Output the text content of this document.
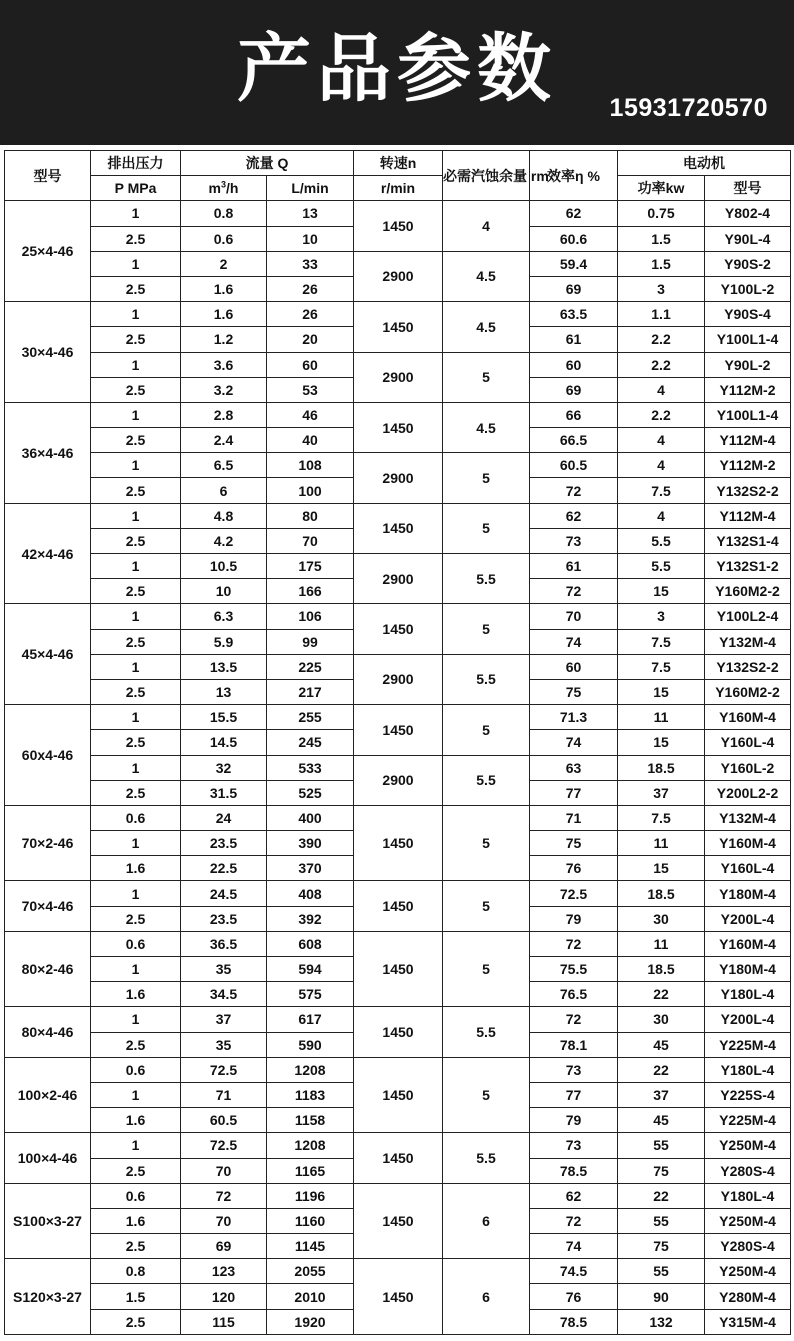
产品参数	15931720570
型号	排出压力	流量 Q		转速n	必需汽蚀余量 rm	效率η %	电动机	
	P MPa	$m^3/h$	L/min	r/min			功率kw	型号
25×4-46	1	0.8	13	1450	4	62	0.75	Y802-4
	2.5	0.6	10			60.6	1.5	Y90L-4
	1	2	33	2900	4.5	59.4	1.5	Y90S-2
	2.5	1.6	26			69	3	Y100L-2
30×4-46	1	1.6	26	1450	4.5	63.5	1.1	Y90S-4
	2.5	1.2	20			61	2.2	Y100L1-4
	1	3.6	60	2900	5	60	2.2	Y90L-2
	2.5	3.2	53			69	4	Y112M-2
36×4-46	1	2.8	46	1450	4.5	66	2.2	Y100L1-4
	2.5	2.4	40			66.5	4	Y112M-4
	1	6.5	108	2900	5	60.5	4	Y112M-2
	2.5	6	100			72	7.5	Y132S2-2
42×4-46	1	4.8	80	1450	5	62	4	Y112M-4
	2.5	4.2	70			73	5.5	Y132S1-4
	1	10.5	175	2900	5.5	61	5.5	Y132S1-2
	2.5	10	166			72	15	Y160M2-2
45×4-46	1	6.3	106	1450	5	70	3	Y100L2-4
	2.5	5.9	99			74	7.5	Y132M-4
	1	13.5	225	2900	5.5	60	7.5	Y132S2-2
	2.5	13	217			75	15	Y160M2-2
60x4-46	1	15.5	255	1450	5	71.3	11	Y160M-4
	2.5	14.5	245			74	15	Y160L-4
	1	32	533	2900	5.5	63	18.5	Y160L-2
	2.5	31.5	525			77	37	Y200L2-2
70×2-46	0.6	24	400	1450	5	71	7.5	Y132M-4
	1	23.5	390			75	11	Y160M-4
	1.6	22.5	370			76	15	Y160L-4
70×4-46	1	24.5	408	1450	5	72.5	18.5	Y180M-4
	2.5	23.5	392			79	30	Y200L-4
80×2-46	0.6	36.5	608	1450	5	72	11	Y160M-4
	1	35	594			75.5	18.5	Y180M-4
	1.6	34.5	575			76.5	22	Y180L-4
80×4-46	1	37	617	1450	5.5	72	30	Y200L-4
	2.5	35	590			78.1	45	Y225M-4
100×2-46	0.6	72.5	1208	1450	5	73	22	Y180L-4
	1	71	1183			77	37	Y225S-4
	1.6	60.5	1158			79	45	Y225M-4
100×4-46	1	72.5	1208	1450	5.5	73	55	Y250M-4
	2.5	70	1165			78.5	75	Y280S-4
S100×3-27	0.6	72	1196	1450	6	62	22	Y180L-4
	1.6	70	1160			72	55	Y250M-4
	2.5	69	1145			74	75	Y280S-4
S120×3-27	0.8	123	2055	1450	6	74.5	55	Y250M-4
	1.5	120	2010			76	90	Y280M-4
	2.5	115	1920			78.5	132	Y315M-4
